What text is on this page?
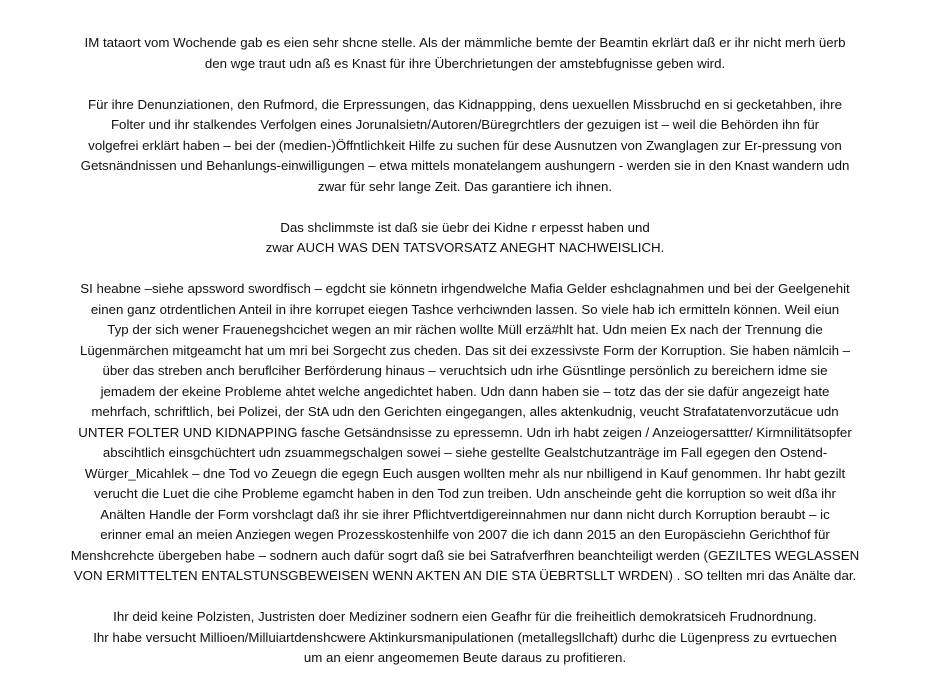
IM tataort vom Wochende gab es eien sehr shcne stelle. Als der mämmliche bemte der Beamtin ekrlärt daß er ihr nicht merh üerb
den wge traut udn aß es Knast für ihre Überchrietungen der amstebfugnisse geben wird.

Für ihre Denunziationen, den Rufmord, die Erpressungen, das Kidnappping, dens uexuellen Missbruchd en si gecketahben, ihre
Folter und ihr stalkendes Verfolgen eines Jorunalsietn/Autoren/Büregrchtlers der gezuigen ist – weil die Behörden ihn für
volgefrei erklärt haben – bei der (medien-)Öffntlichkeit Hilfe zu suchen für dese Ausnutzen von Zwanglagen zur Er-pressung von
Getsnändnissen und Behanlungs-einwilligungen – etwa mittels monatelangem aushungern - werden sie in den Knast wandern udn
zwar für sehr lange Zeit. Das garantiere ich ihnen.

Das shclimmste ist daß sie üebr dei Kidne r erpesst haben und
zwar AUCH WAS DEN TATSVORSATZ ANEGHT NACHWEISLICH.

SI heabne –siehe apssword swordfisch – egdcht sie könnetn irhgendwelche Mafia Gelder eshclagnahmen und bei der Geelgenehit
einen ganz otrdentlichen Anteil in ihre korrupet eiegen Tashce verhciwnden lassen. So viele hab ich ermitteln können. Weil eiun
Typ der sich wener Frauenegshcichet wegen an mir rächen wollte Müll erzä#hlt hat. Udn meien Ex nach der Trennung die
Lügenmärchen mitgeamcht hat um mri bei Sorgecht zus cheden. Das sit dei exzessivste Form der Korruption. Sie haben nämlcih –
über das streben anch beruflciher Berförderung hinaus – veruchtsich udn irhe Güsntlinge persönlich zu bereichern idme sie
jemadem der ekeine Probleme ahtet welche angedichtet haben. Udn dann haben sie – totz das der sie dafür angezeigt hate
mehrfach, schriftlich, bei Polizei, der StA udn den Gerichten eingegangen, alles aktenkudnig, veucht Strafatatenvorzutäcue udn
UNTER FOLTER UND KIDNAPPING fasche Getsändnsisse zu epressemn. Udn irh habt zeigen / Anzeiogersattter/ Kirmnilitätsopfer
abscihtlich einsgchüchtert udn zsuammegschalgen sowei – siehe gestellte Gealstchutzanträge im Fall egegen den Ostend-
Würger_Micahlek – dne Tod vo Zeuegn die egegn Euch ausgen wollten mehr als nur nbilligend in Kauf genommen. Ihr habt gezilt
verucht die Luet die cihe Probleme egamcht haben in den Tod zun treiben. Udn anscheinde geht die korruption so weit dßa ihr
Anälten Handle der Form vorshclagt daß ihr sie ihrer Pflichtvertdigereinnahmen nur dann nicht durch Korruption beraubt – ic
erinner emal an meien Anziegen wegen Prozesskostenhilfe von 2007 die ich dann 2015 an den Europäsciehn Gerichthof für
Menshcrehcte übergeben habe – sodnern auch dafür sogrt daß sie bei Satrafverfhren beanchteiligt werden (GEZILTES WEGLASSEN
VON ERMITTELTEN ENTALSTUNSGBEWEISEN WENN AKTEN AN DIE STA ÜEBRTSLLT WRDEN) . SO tellten mri das Anälte dar.

Ihr deid keine Polzisten, Justristen doer Mediziner sodnern eien Geafhr für die freiheitlich demokratsiceh Frudnordnung.
Ihr habe versucht Millioen/Milluiartdenshcwere Aktinkursmanipulationen (metallegsllchaft) durhc die Lügenpress zu evrtuechen
um an eienr angeomemen Beute daraus zu profitieren.
